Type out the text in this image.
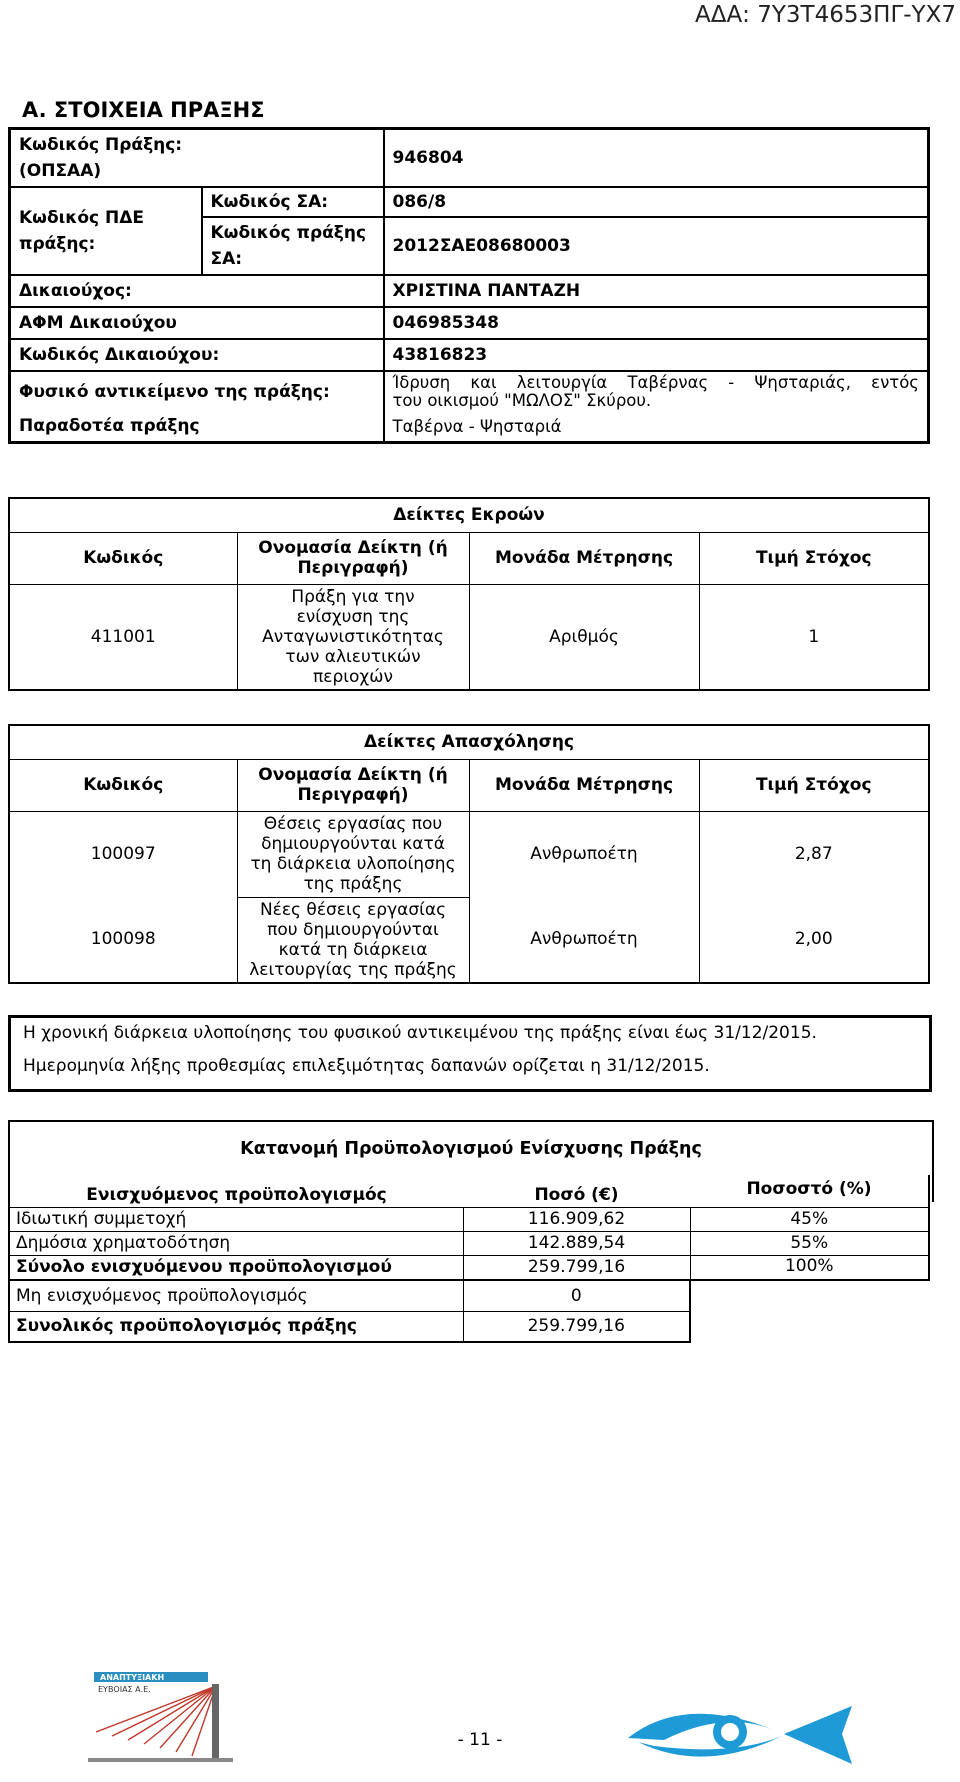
ΑΔΑ: 7Υ3Τ4653ΠΓ-ΥΧ7
A. ΣΤΟΙΧΕΙΑ ΠΡΑΞΗΣ
Κωδικός Πράξης:
(ΟΠΣΑΑ)		946804

Κωδικός ΠΔΕ
πράξης:	Κωδικός ΣΑ:	086/8

	Κωδικός πράξης
ΣΑ:	2012ΣΑΕ08680003
Δικαιούχος:		ΧΡΙΣΤΙΝΑ ΠΑΝΤΑΖΗ
ΑΦΜ Δικαιούχου		046985348
Κωδικός Δικαιούχου:		43816823
Φυσικό αντικείμενο της πράξης:		Ίδρυση και λειτουργία Ταβέρνας - Ψησταριάς, εντός
του οικισμού "ΜΩΛΟΣ" Σκύρου.

Παραδοτέα πράξης		Ταβέρνα - Ψησταριά
Δείκτες Εκροών			
Κωδικός	Ονομασία Δείκτη (ή
Περιγραφή)	Μονάδα Μέτρησης	Τιμή Στόχος
411001	Πράξη για την
ενίσχυση της
Ανταγωνιστικότητας
των αλιευτικών
περιοχών	Αριθμός	1
Δείκτες Απασχόλησης			
Κωδικός	Ονομασία Δείκτη (ή
Περιγραφή)	Μονάδα Μέτρησης	Τιμή Στόχος
100097	Θέσεις εργασίας που
δημιουργούνται κατά
τη διάρκεια υλοποίησης
της πράξης	Ανθρωποέτη	2,87
100098	Νέες θέσεις εργασίας
που δημιουργούνται
κατά τη διάρκεια
λειτουργίας της πράξης	Ανθρωποέτη	2,00
Η χρονική διάρκεια υλοποίησης του φυσικού αντικειμένου της πράξης είναι έως 31/12/2015.
Ημερομηνία λήξης προθεσμίας επιλεξιμότητας δαπανών ορίζεται η 31/12/2015.
Κατανομή Προϋπολογισμού Ενίσχυσης Πράξης
Ενισχυόμενος προϋπολογισμός	Ποσό (€)	Ποσοστό (%)
Ιδιωτική συμμετοχή	116.909,62	45%
Δημόσια χρηματοδότηση	142.889,54	55%
Σύνολο ενισχυόμενου προϋπολογισμού	259.799,16	100%
Μη ενισχυόμενος προϋπολογισμός	0	
Συνολικός προϋπολογισμός πράξης	259.799,16	
ΑΝΑΠΤΥΞΙΑΚΗ
ΕΥΒΟΙΑΣ Α.Ε.
- 11 -
